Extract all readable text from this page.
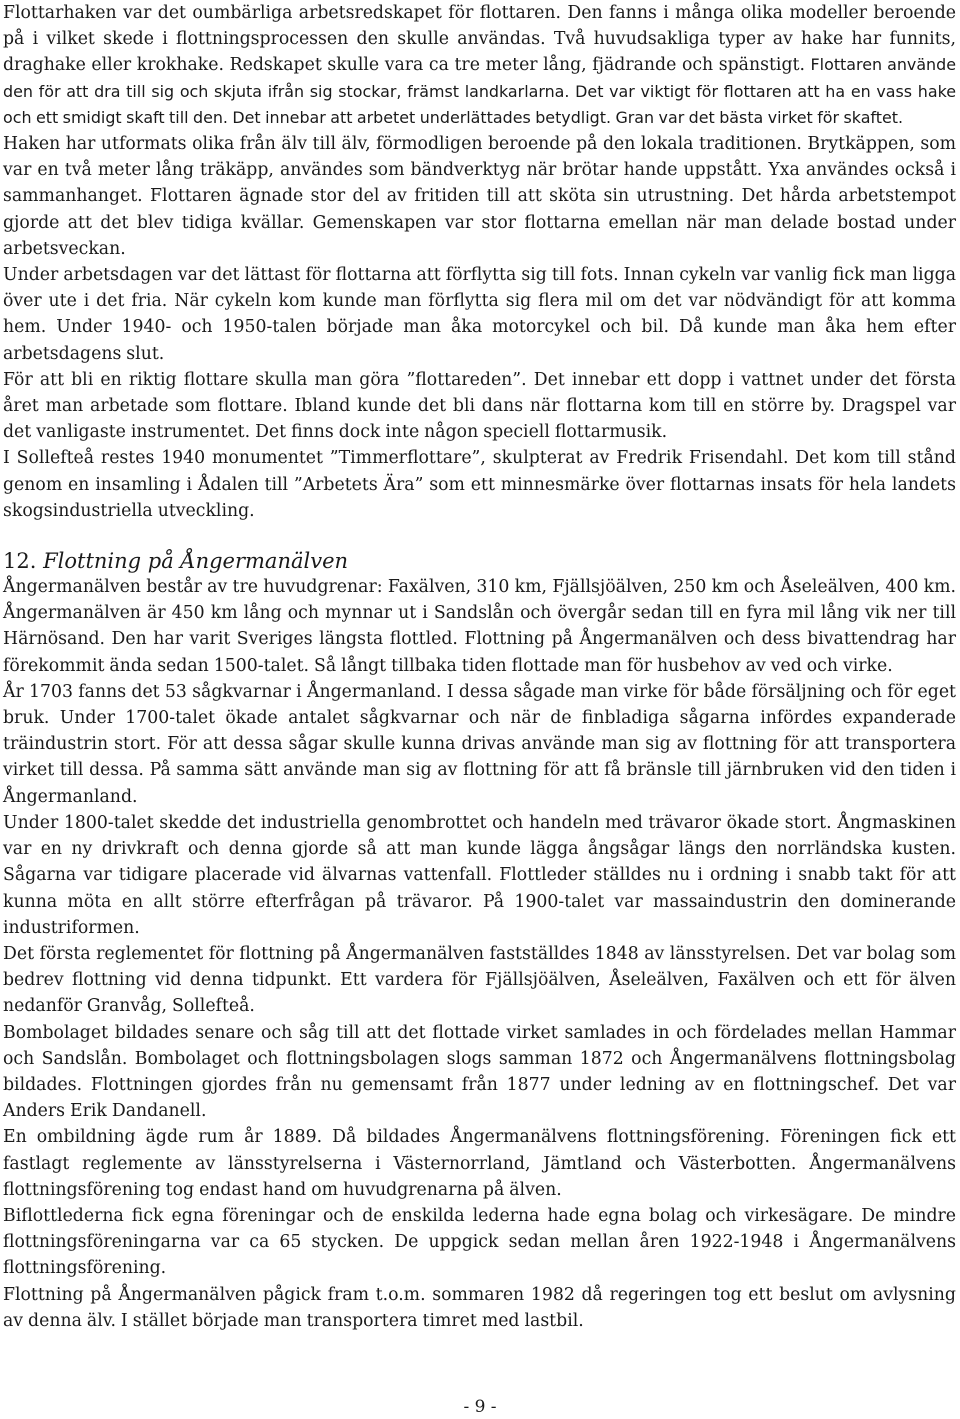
Flottarhaken var det oumbärliga arbetsredskapet för flottaren. Den fanns i många olika modeller beroende på i vilket skede i flottningsprocessen den skulle användas. Två huvudsakliga typer av hake har funnits, draghake eller krokhake. Redskapet skulle vara ca tre meter lång, fjädrande och spänstigt. Flottaren använde den för att dra till sig och skjuta ifrån sig stockar, främst landkarlarna. Det var viktigt för flottaren att ha en vass hake och ett smidigt skaft till den. Det innebar att arbetet underlättades betydligt. Gran var det bästa virket för skaftet.

Haken har utformats olika från älv till älv, förmodligen beroende på den lokala traditionen. Brytkäppen, som var en två meter lång träkäpp, användes som bändverktyg när brötar hande uppstått. Yxa användes också i sammanhanget. Flottaren ägnade stor del av fritiden till att sköta sin utrustning. Det hårda arbetstempot gjorde att det blev tidiga kvällar. Gemenskapen var stor flottarna emellan när man delade bostad under arbetsveckan.

Under arbetsdagen var det lättast för flottarna att förflytta sig till fots. Innan cykeln var vanlig fick man ligga över ute i det fria. När cykeln kom kunde man förflytta sig flera mil om det var nödvändigt för att komma hem. Under 1940- och 1950-talen började man åka motorcykel och bil. Då kunde man åka hem efter arbetsdagens slut.

För att bli en riktig flottare skulla man göra ”flottareden”. Det innebar ett dopp i vattnet under det första året man arbetade som flottare. Ibland kunde det bli dans när flottarna kom till en större by. Dragspel var det vanligaste instrumentet. Det finns dock inte någon speciell flottarmusik.

I Sollefteå restes 1940 monumentet ”Timmerflottare”, skulpterat av Fredrik Frisendahl. Det kom till stånd genom en insamling i Ådalen till ”Arbetets Ära” som ett minnesmärke över flottarnas insats för hela landets skogsindustriella utveckling.

12. Flottning på Ångermanälven

Ångermanälven består av tre huvudgrenar: Faxälven, 310 km, Fjällsjöälven, 250 km och Åseleälven, 400 km. Ångermanälven är 450 km lång och mynnar ut i Sandslån och övergår sedan till en fyra mil lång vik ner till Härnösand. Den har varit Sveriges längsta flottled. Flottning på Ångermanälven och dess bivattendrag har förekommit ända sedan 1500-talet. Så långt tillbaka tiden flottade man för husbehov av ved och virke.

År 1703 fanns det 53 sågkvarnar i Ångermanland. I dessa sågade man virke för både försäljning och för eget bruk. Under 1700-talet ökade antalet sågkvarnar och när de finbladiga sågarna infördes expanderade träindustrin stort. För att dessa sågar skulle kunna drivas använde man sig av flottning för att transportera virket till dessa. På samma sätt använde man sig av flottning för att få bränsle till järnbruken vid den tiden i Ångermanland.

Under 1800-talet skedde det industriella genombrottet och handeln med trävaror ökade stort. Ångmaskinen var en ny drivkraft och denna gjorde så att man kunde lägga ångsågar längs den norrländska kusten. Sågarna var tidigare placerade vid älvarnas vattenfall. Flottleder ställdes nu i ordning i snabb takt för att kunna möta en allt större efterfrågan på trävaror. På 1900-talet var massaindustrin den dominerande industriformen.

Det första reglementet för flottning på Ångermanälven fastställdes 1848 av länsstyrelsen. Det var bolag som bedrev flottning vid denna tidpunkt. Ett vardera för Fjällsjöälven, Åseleälven, Faxälven och ett för älven nedanför Granvåg, Sollefteå.

Bombolaget bildades senare och såg till att det flottade virket samlades in och fördelades mellan Hammar och Sandslån. Bombolaget och flottningsbolagen slogs samman 1872 och Ångermanälvens flottningsbolag bildades. Flottningen gjordes från nu gemensamt från 1877 under ledning av en flottningschef. Det var Anders Erik Dandanell.

En ombildning ägde rum år 1889. Då bildades Ångermanälvens flottningsförening. Föreningen fick ett fastlagt reglemente av länsstyrelserna i Västernorrland, Jämtland och Västerbotten. Ångermanälvens flottningsförening tog endast hand om huvudgrenarna på älven.

Biflottlederna fick egna föreningar och de enskilda lederna hade egna bolag och virkesägare. De mindre flottningsföreningarna var ca 65 stycken. De uppgick sedan mellan åren 1922-1948 i Ångermanälvens flottningsförening.

Flottning på Ångermanälven pågick fram t.o.m. sommaren 1982 då regeringen tog ett beslut om avlysning av denna älv. I stället började man transportera timret med lastbil.

- 9 -
